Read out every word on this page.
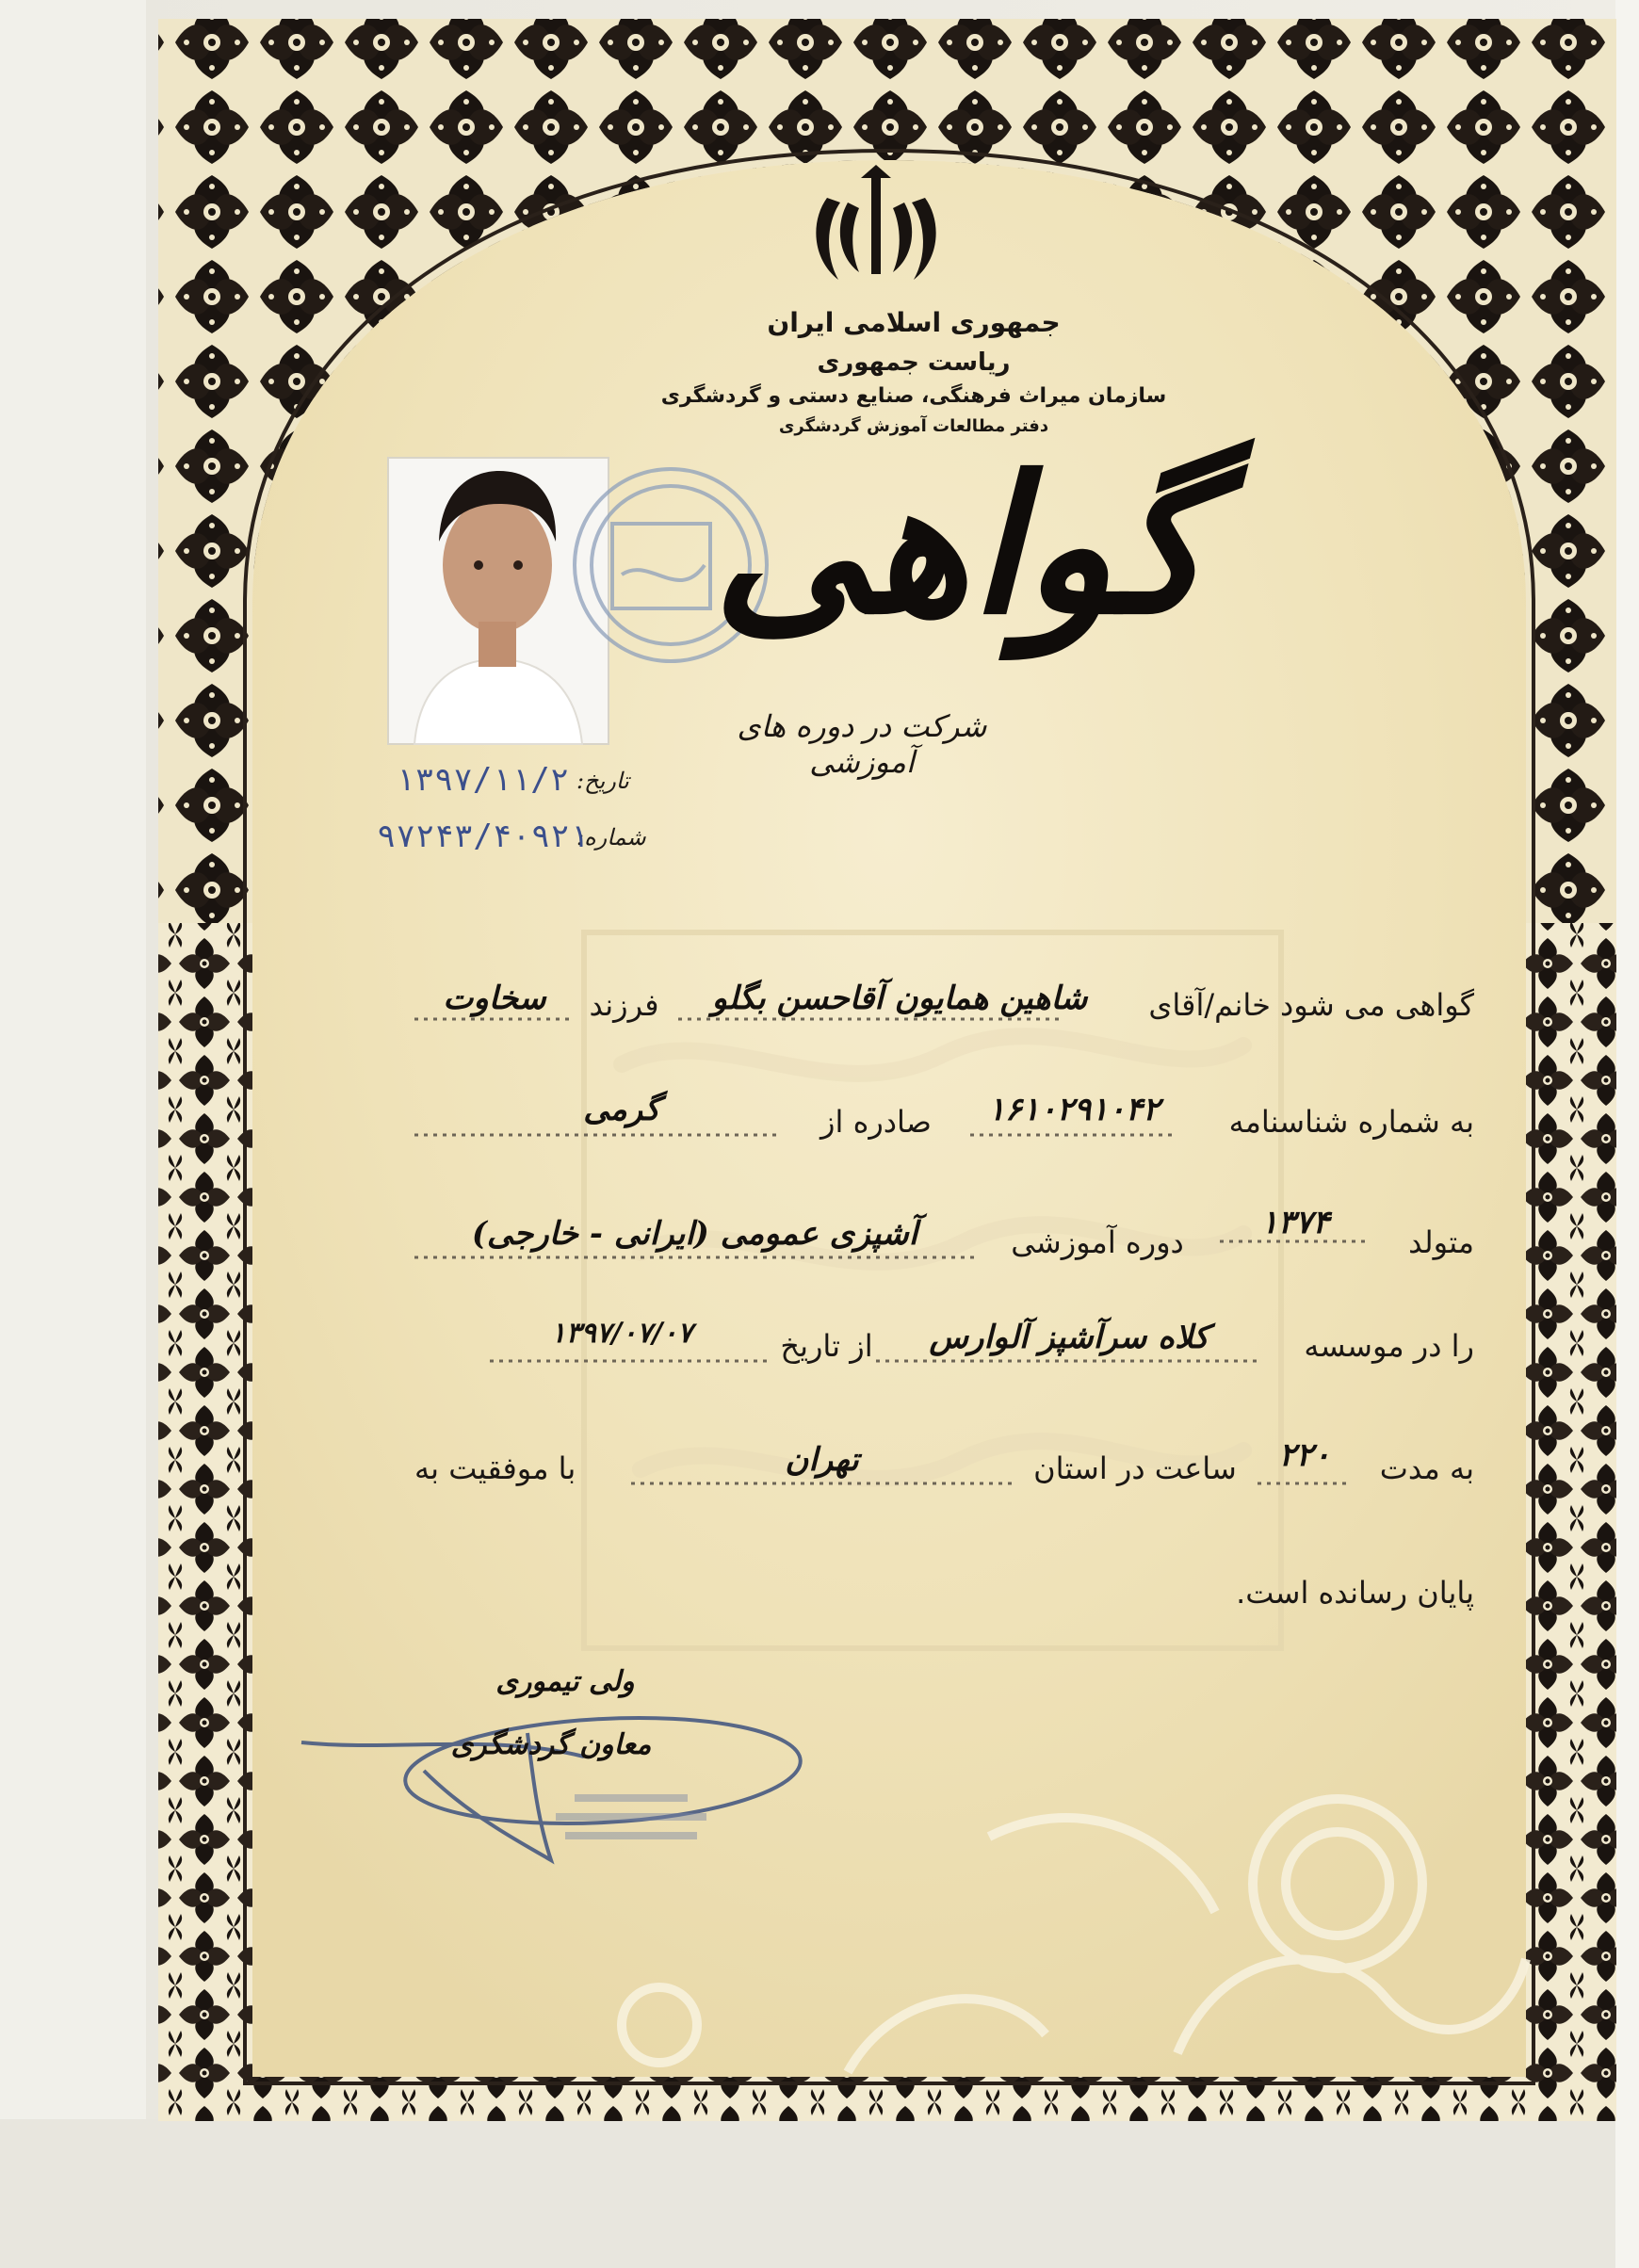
جمهوری اسلامی ایران
ریاست جمهوری
سازمان میراث فرهنگی، صنایع دستی و گردشگری
دفتر مطالعات آموزش گردشگری
گواهی
شرکت در دوره های آموزشی
تاریخ:
۱۳۹۷/۱۱/۲
شماره:
۹۷۲۴۳/۴۰۹۲۱
گواهی می شود خانم/آقای
شاهین همایون آقاحسن بگلو
فرزند
سخاوت
به شماره شناسنامه
۱۶۱۰۲۹۱۰۴۲
صادره از
گرمی
متولد
۱۳۷۴
دوره آموزشی
آشپزی عمومی (ایرانی - خارجی)
را در موسسه
کلاه سرآشپز آلوارس
از تاریخ
۱۳۹۷/۰۷/۰۷
به مدت
۲۲۰
ساعت در استان
تهران
با موفقیت به
پایان رسانده است.
ولی تیموری
معاون گردشگری
